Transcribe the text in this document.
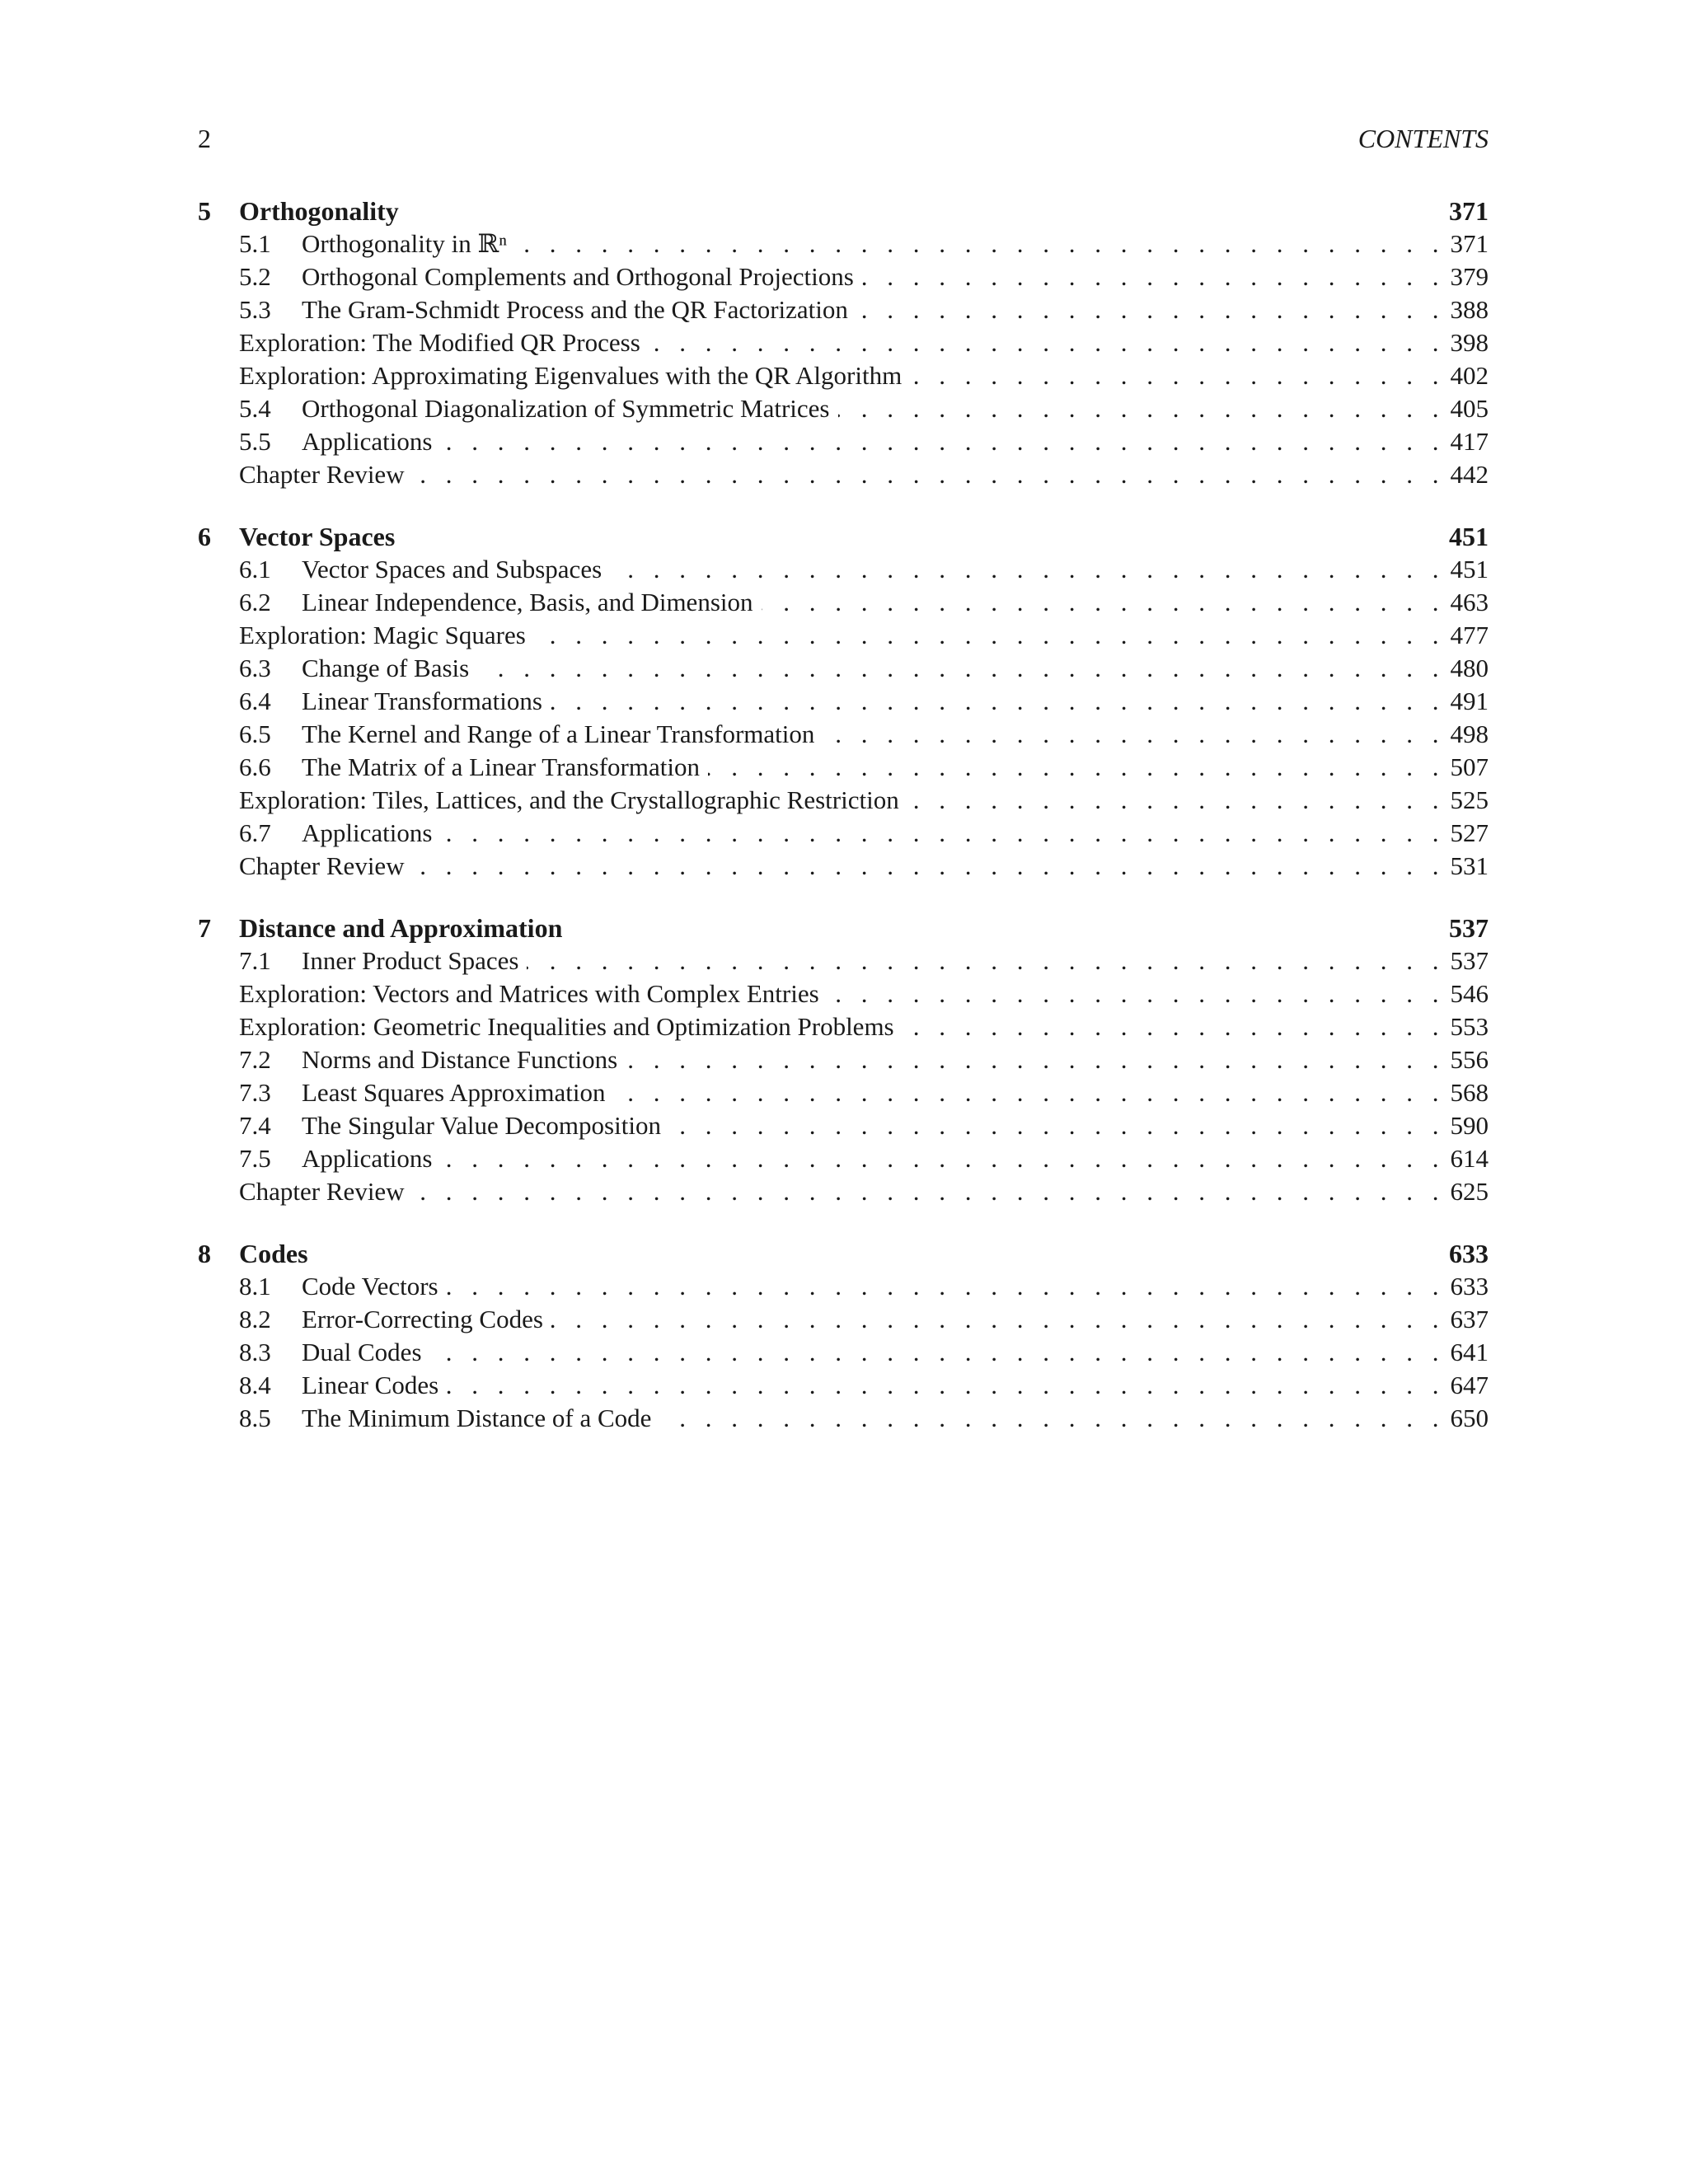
2	CONTENTS
5	Orthogonality	371
5.1	Orthogonality in ℝⁿ . . .	371
5.2	Orthogonal Complements and Orthogonal Projections . . .	379
5.3	The Gram-Schmidt Process and the QR Factorization . . .	388
Exploration: The Modified QR Process . . .	398
Exploration: Approximating Eigenvalues with the QR Algorithm . . .	402
5.4	Orthogonal Diagonalization of Symmetric Matrices . . .	405
5.5	Applications . . .	417
Chapter Review . . .	442
6	Vector Spaces	451
6.1	Vector Spaces and Subspaces . . .	451
6.2	Linear Independence, Basis, and Dimension . . .	463
Exploration: Magic Squares . . .	477
6.3	Change of Basis . . .	480
6.4	Linear Transformations . . .	491
6.5	The Kernel and Range of a Linear Transformation . . .	498
6.6	The Matrix of a Linear Transformation . . .	507
Exploration: Tiles, Lattices, and the Crystallographic Restriction . . .	525
6.7	Applications . . .	527
Chapter Review . . .	531
7	Distance and Approximation	537
7.1	Inner Product Spaces . . .	537
Exploration: Vectors and Matrices with Complex Entries . . .	546
Exploration: Geometric Inequalities and Optimization Problems . . .	553
7.2	Norms and Distance Functions . . .	556
7.3	Least Squares Approximation . . .	568
7.4	The Singular Value Decomposition . . .	590
7.5	Applications . . .	614
Chapter Review . . .	625
8	Codes	633
8.1	Code Vectors . . .	633
8.2	Error-Correcting Codes . . .	637
8.3	Dual Codes . . .	641
8.4	Linear Codes . . .	647
8.5	The Minimum Distance of a Code . . .	650
